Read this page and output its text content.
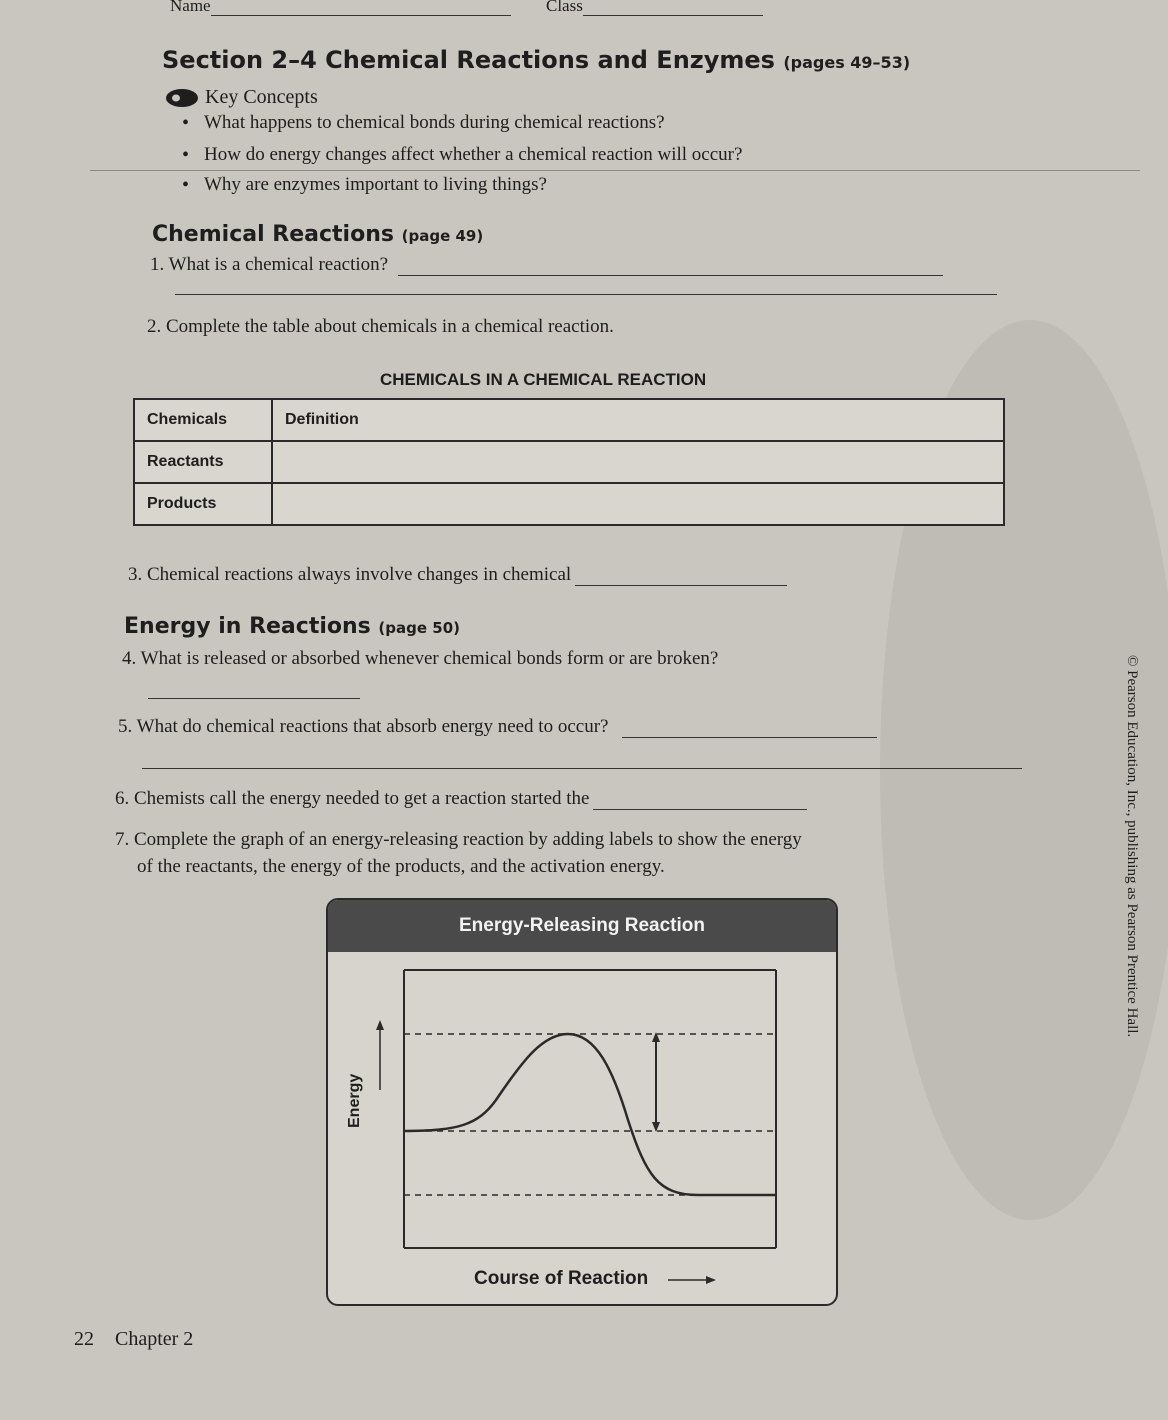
Name	Class
Section 2–4 Chemical Reactions and Enzymes (pages 49–53)
Key Concepts
• What happens to chemical bonds during chemical reactions?
• How do energy changes affect whether a chemical reaction will occur?
• Why are enzymes important to living things?
Chemical Reactions (page 49)
1. What is a chemical reaction?
2. Complete the table about chemicals in a chemical reaction.
CHEMICALS IN A CHEMICAL REACTION
Chemicals	Definition
Reactants	
Products	
3. Chemical reactions always involve changes in chemical
Energy in Reactions (page 50)
4. What is released or absorbed whenever chemical bonds form or are broken?
5. What do chemical reactions that absorb energy need to occur?
6. Chemists call the energy needed to get a reaction started the
7. Complete the graph of an energy-releasing reaction by adding labels to show the energy
of the reactants, the energy of the products, and the activation energy.
Energy-Releasing Reaction
Energy
Course of Reaction
© Pearson Education, Inc., publishing as Pearson Prentice Hall.
22 Chapter 2
